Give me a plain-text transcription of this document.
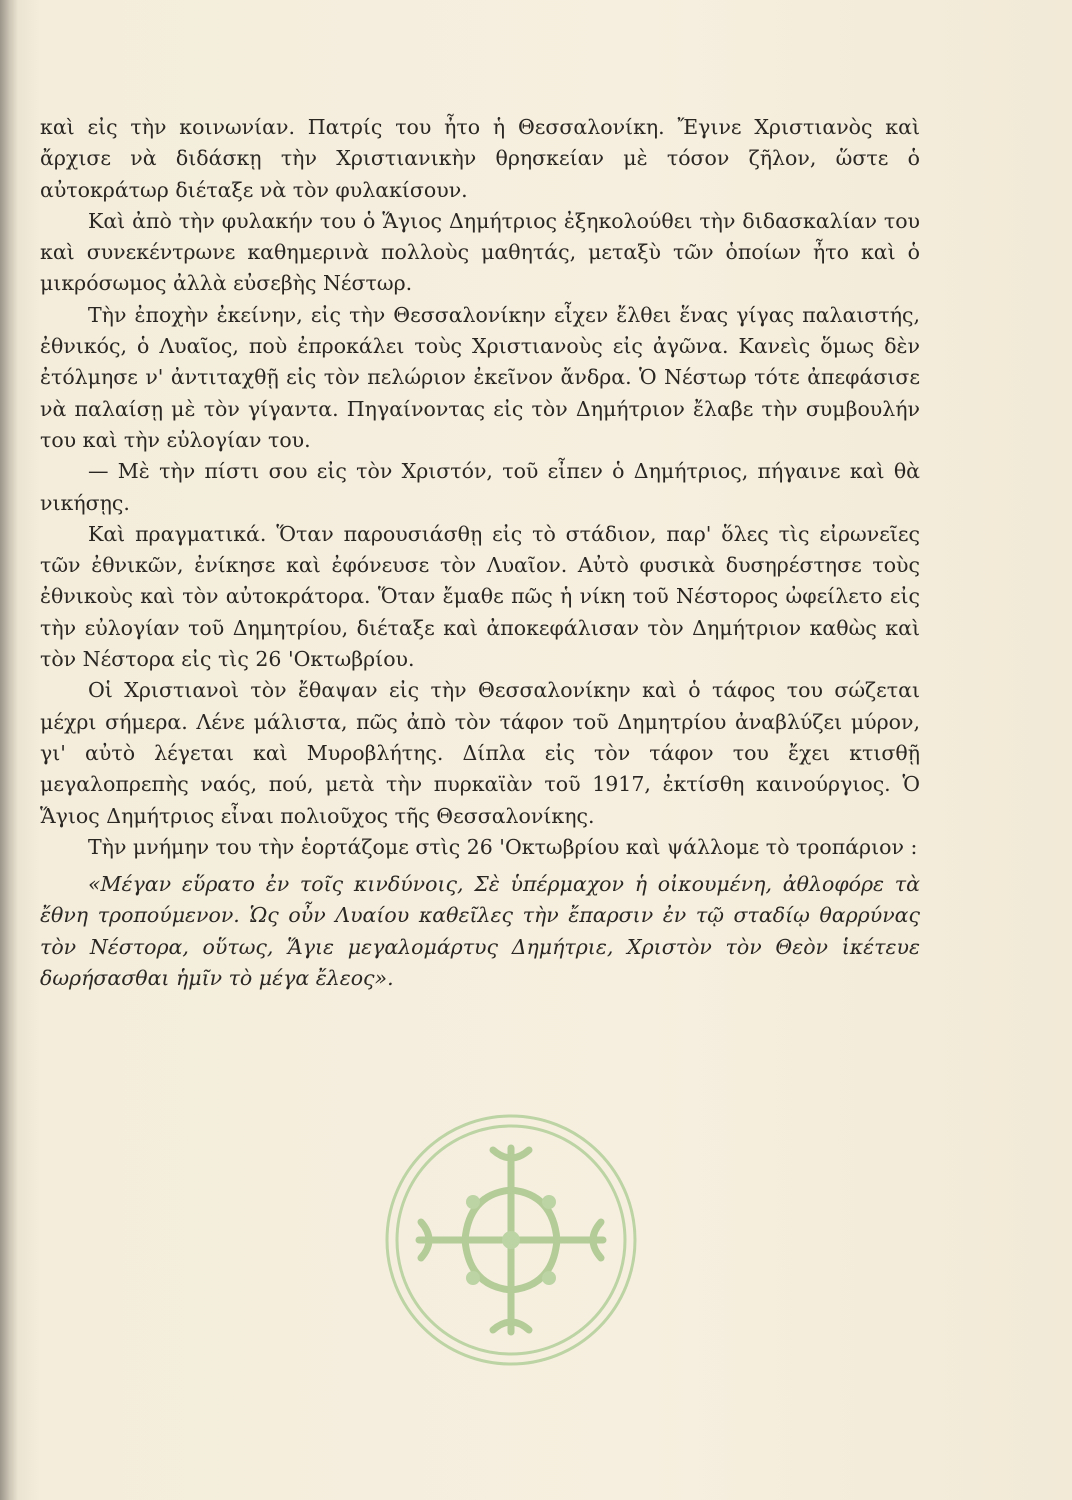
καὶ εἰς τὴν κοινωνίαν. Πατρίς του ἦτο ἡ Θεσσαλονίκη. Ἔγινε Χριστιανὸς καὶ ἄρχισε νὰ διδάσκῃ τὴν Χριστιανικὴν θρησκείαν μὲ τόσον ζῆλον, ὥστε ὁ αὐτοκράτωρ διέταξε νὰ τὸν φυλακίσουν.

Καὶ ἀπὸ τὴν φυλακήν του ὁ Ἅγιος Δημήτριος ἐξηκολούθει τὴν διδασκαλίαν του καὶ συνεκέντρωνε καθημερινὰ πολλοὺς μαθητάς, μεταξὺ τῶν ὁποίων ἦτο καὶ ὁ μικρόσωμος ἀλλὰ εὐσεβὴς Νέστωρ.

Τὴν ἐποχὴν ἐκείνην, εἰς τὴν Θεσσαλονίκην εἶχεν ἔλθει ἕνας γίγας παλαιστής, ἐθνικός, ὁ Λυαῖος, ποὺ ἐπροκάλει τοὺς Χριστιανοὺς εἰς ἀγῶνα. Κανεὶς ὅμως δὲν ἐτόλμησε ν' ἀντιταχθῇ εἰς τὸν πελώριον ἐκεῖνον ἄνδρα. Ὁ Νέστωρ τότε ἀπεφάσισε νὰ παλαίσῃ μὲ τὸν γίγαντα. Πηγαίνοντας εἰς τὸν Δημήτριον ἔλαβε τὴν συμβουλήν του καὶ τὴν εὐλογίαν του.

— Μὲ τὴν πίστι σου εἰς τὸν Χριστόν, τοῦ εἶπεν ὁ Δημήτριος, πήγαινε καὶ θὰ νικήσῃς.

Καὶ πραγματικά. Ὅταν παρουσιάσθῃ εἰς τὸ στάδιον, παρ' ὅλες τὶς εἰρωνεῖες τῶν ἐθνικῶν, ἐνίκησε καὶ ἐφόνευσε τὸν Λυαῖον. Αὐτὸ φυσικὰ δυσηρέστησε τοὺς ἐθνικοὺς καὶ τὸν αὐτοκράτορα. Ὅταν ἔμαθε πῶς ἡ νίκη τοῦ Νέστορος ὠφείλετο εἰς τὴν εὐλογίαν τοῦ Δημητρίου, διέταξε καὶ ἀποκεφάλισαν τὸν Δημήτριον καθὼς καὶ τὸν Νέστορα εἰς τὶς 26 'Οκτωβρίου.

Οἱ Χριστιανοὶ τὸν ἔθαψαν εἰς τὴν Θεσσαλονίκην καὶ ὁ τάφος του σώζεται μέχρι σήμερα. Λένε μάλιστα, πῶς ἀπὸ τὸν τάφον τοῦ Δημητρίου ἀναβλύζει μύρον, γι' αὐτὸ λέγεται καὶ Μυροβλήτης. Δίπλα εἰς τὸν τάφον του ἔχει κτισθῇ μεγαλοπρεπὴς ναός, πού, μετὰ τὴν πυρκαϊὰν τοῦ 1917, ἐκτίσθη καινούργιος. Ὁ Ἅγιος Δημήτριος εἶναι πολιοῦχος τῆς Θεσσαλονίκης.

Τὴν μνήμην του τὴν ἑορτάζομε στὶς 26 'Οκτωβρίου καὶ ψάλλομε τὸ τροπάριον :

«Μέγαν εὕρατο ἐν τοῖς κινδύνοις, Σὲ ὑπέρμαχον ἡ οἰκουμένη, ἀθλοφόρε τὰ ἔθνη τροπούμενον. Ὡς οὖν Λυαίου καθεῖλες τὴν ἔπαρσιν ἐν τῷ σταδίῳ θαρρύνας τὸν Νέστορα, οὕτως, Ἅγιε μεγαλομάρτυς Δημήτριε, Χριστὸν τὸν Θεὸν ἱκέτευε δωρήσασθαι ἡμῖν τὸ μέγα ἔλεος».
